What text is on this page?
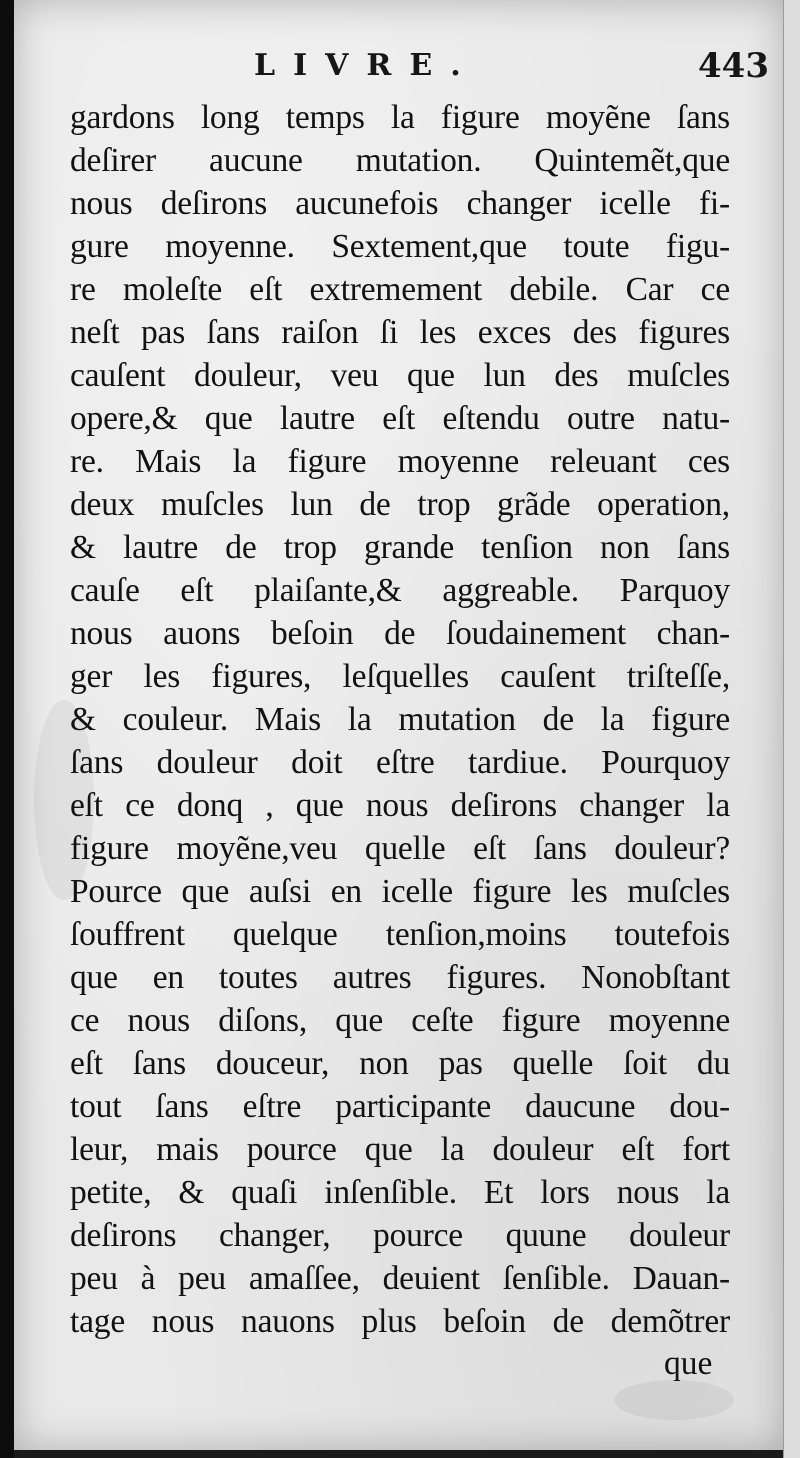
LIVRE.	443
gardons long temps la figure moyẽne ſans
deſirer aucune mutation. Quintemẽt,que
nous deſirons aucunefois changer icelle fi-
gure moyenne. Sextement,que toute figu-
re moleſte eſt extremement debile. Car ce
neſt pas ſans raiſon ſi les exces des figures
cauſent douleur, veu que lun des muſcles
opere,& que lautre eſt eſtendu outre natu-
re. Mais la figure moyenne releuant ces
deux muſcles lun de trop grãde operation,
& lautre de trop grande tenſion non ſans
cauſe eſt plaiſante,& aggreable. Parquoy
nous auons beſoin de ſoudainement chan-
ger les figures, leſquelles cauſent triſteſſe,
& couleur. Mais la mutation de la figure
ſans douleur doit eſtre tardiue. Pourquoy
eſt ce donq , que nous deſirons changer la
figure moyẽne,veu quelle eſt ſans douleur?
Pource que auſsi en icelle figure les muſcles
ſouffrent quelque tenſion,moins toutefois
que en toutes autres figures. Nonobſtant
ce nous diſons, que ceſte figure moyenne
eſt ſans douceur, non pas quelle ſoit du
tout ſans eſtre participante daucune dou-
leur, mais pource que la douleur eſt fort
petite, & quaſi inſenſible. Et lors nous la
deſirons changer, pource quune douleur
peu à peu amaſſee, deuient ſenſible. Dauan-
tage nous nauons plus beſoin de demõtrer
que
